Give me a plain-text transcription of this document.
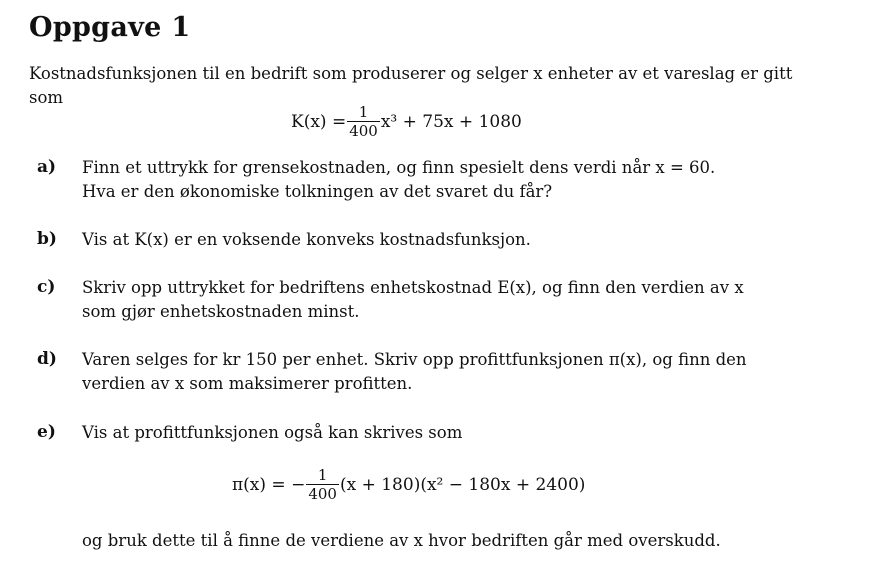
Oppgave 1
Kostnadsfunksjonen til en bedrift som produserer og selger x enheter av et vareslag er gitt som
$K(x) = \frac{1}{400} x^3 + 75x + 1080$
a) Finn et uttrykk for grensekostnaden, og finn spesielt dens verdi når x = 60.
Hva er den økonomiske tolkningen av det svaret du får?
b) Vis at K(x) er en voksende konveks kostnadsfunksjon.
c) Skriv opp uttrykket for bedriftens enhetskostnad E(x), og finn den verdien av x
som gjør enhetskostnaden minst.
d) Varen selges for kr 150 per enhet. Skriv opp profittfunksjonen π(x), og finn den
verdien av x som maksimerer profitten.
e) Vis at profittfunksjonen også kan skrives som
π(x) = − $\frac{1}{400} (x + 180)(x^2 - 180x + 2400)$
og bruk dette til å finne de verdiene av x hvor bedriften går med overskudd.
